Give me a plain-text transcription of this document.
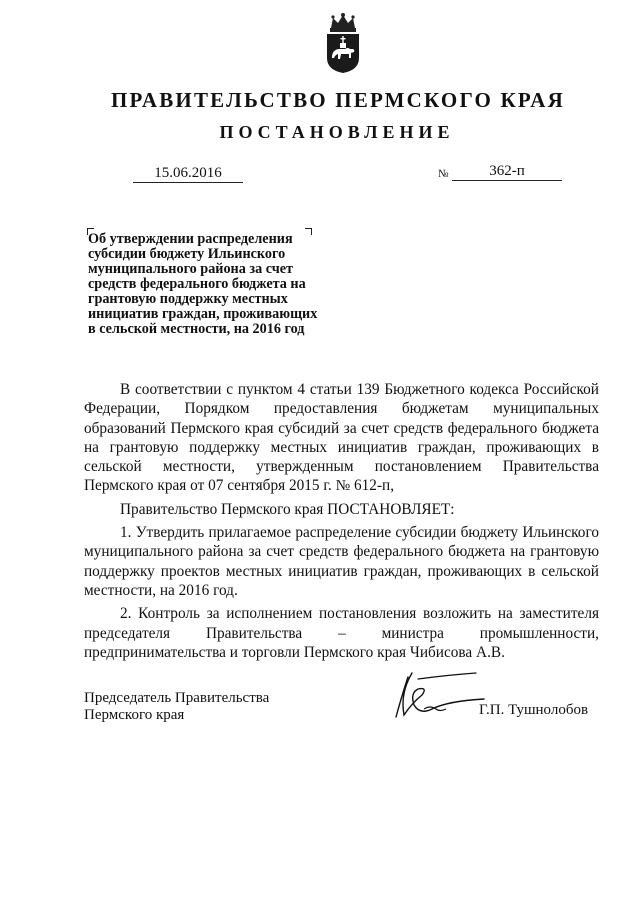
ПРАВИТЕЛЬСТВО ПЕРМСКОГО КРАЯ
ПОСТАНОВЛЕНИЕ
15.06.2016	№	362-п
Об утверждении распределения субсидии бюджету Ильинского муниципального района за счет средств федерального бюджета на грантовую поддержку местных инициатив граждан, проживающих в сельской местности, на 2016 год

В соответствии с пунктом 4 статьи 139 Бюджетного кодекса Российской Федерации, Порядком предоставления бюджетам муниципальных образований Пермского края субсидий за счет средств федерального бюджета на грантовую поддержку местных инициатив граждан, проживающих в сельской местности, утвержденным постановлением Правительства Пермского края от 07 сентября 2015 г. № 612-п,

Правительство Пермского края ПОСТАНОВЛЯЕТ:

1. Утвердить прилагаемое распределение субсидии бюджету Ильинского муниципального района за счет средств федерального бюджета на грантовую поддержку проектов местных инициатив граждан, проживающих в сельской местности, на 2016 год.

2. Контроль за исполнением постановления возложить на заместителя председателя Правительства – министра промышленности, предпринимательства и торговли Пермского края Чибисова А.В.

Председатель Правительства
Пермского края	Г.П. Тушнолобов
